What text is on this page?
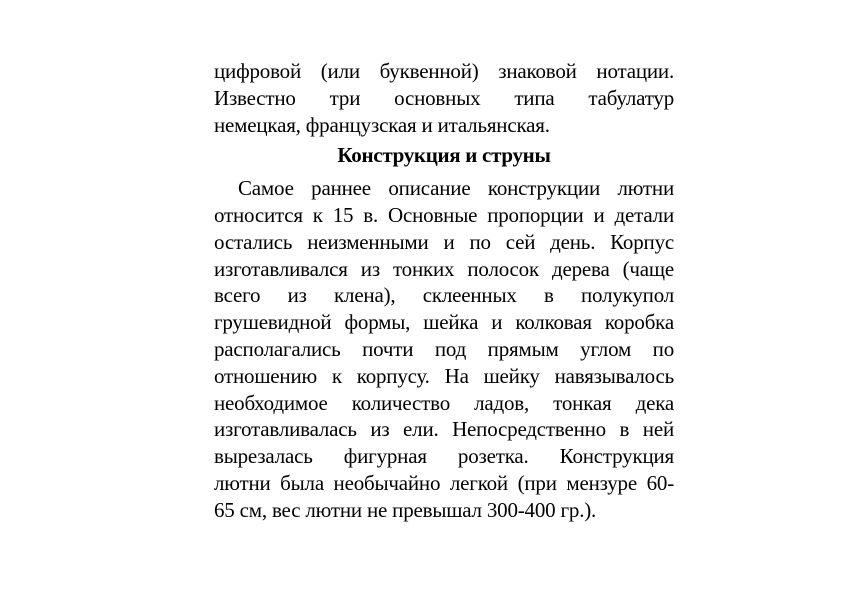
цифровой (или буквенной) знаковой нотации.
Известно три основных типа табулатур
немецкая, французская и итальянская.
Конструкция и струны
Самое раннее описание конструкции лютни
относится к 15 в. Основные пропорции и детали
остались неизменными и по сей день. Корпус
изготавливался из тонких полосок дерева (чаще
всего из клена), склеенных в полукупол
грушевидной формы, шейка и колковая коробка
располагались почти под прямым углом по
отношению к корпусу. На шейку навязывалось
необходимое количество ладов, тонкая дека
изготавливалась из ели. Непосредственно в ней
вырезалась фигурная розетка. Конструкция
лютни была необычайно легкой (при мензуре 60-
65 см, вес лютни не превышал 300-400 гр.).
